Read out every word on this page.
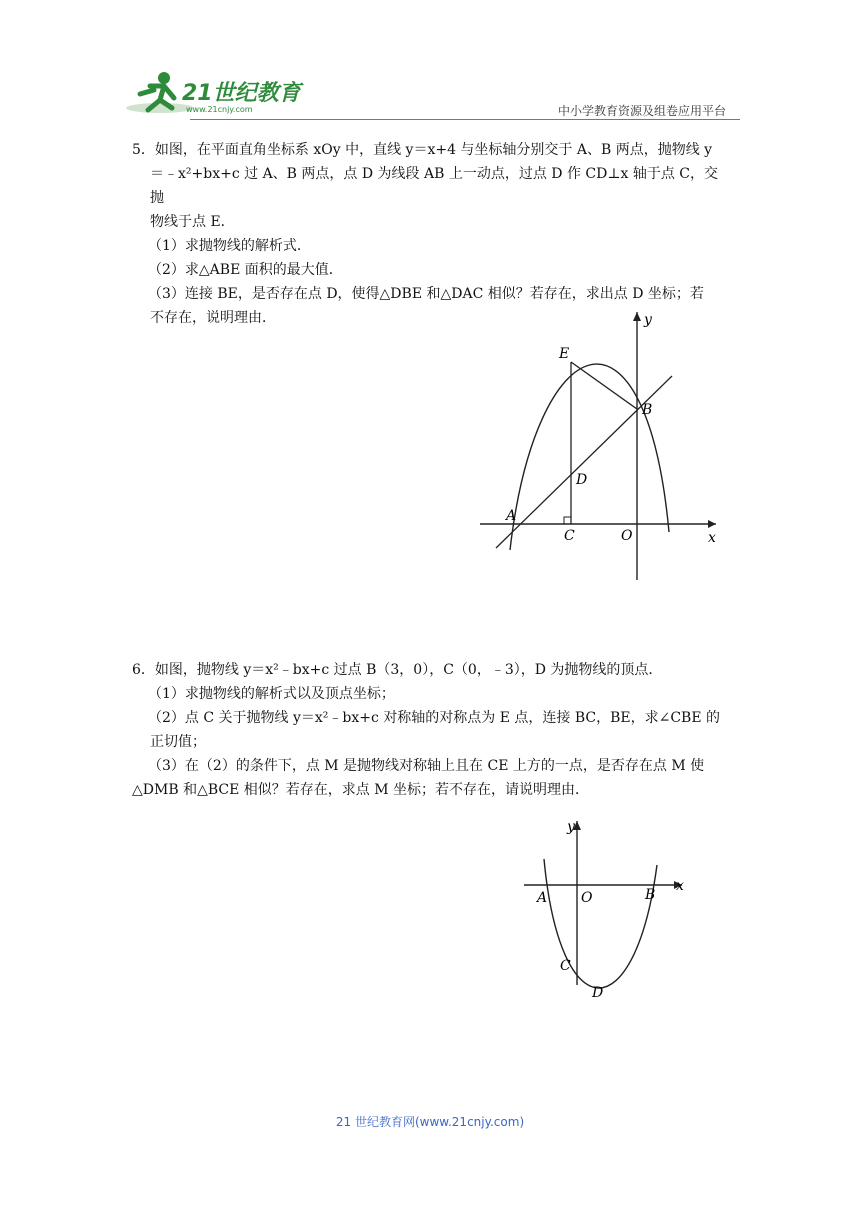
21世纪教育
www.21cnjy.com	中小学教育资源及组卷应用平台

5．如图，在平面直角坐标系 xOy 中，直线 y＝x+4 与坐标轴分别交于 A、B 两点，抛物线 y

＝﹣x²+bx+c 过 A、B 两点，点 D 为线段 AB 上一动点，过点 D 作 CD⊥x 轴于点 C，交抛

物线于点 E．

（1）求抛物线的解析式．

（2）求△ABE 面积的最大值．

（3）连接 BE，是否存在点 D，使得△DBE 和△DAC 相似？若存在，求出点 D 坐标；若

不存在，说明理由．	y
x
E
B
D
A
C	O

6．如图，抛物线 y＝x²﹣bx+c 过点 B（3，0），C（0，﹣3），D 为抛物线的顶点．

（1）求抛物线的解析式以及顶点坐标；

（2）点 C 关于抛物线 y＝x²﹣bx+c 对称轴的对称点为 E 点，连接 BC，BE，求∠CBE 的

正切值；

（3）在（2）的条件下，点 M 是抛物线对称轴上且在 CE 上方的一点，是否存在点 M 使

△DMB 和△BCE 相似？若存在，求点 M 坐标；若不存在，请说明理由．

y
x
A O	B
C
D
21 世纪教育网(www.21cnjy.com)
